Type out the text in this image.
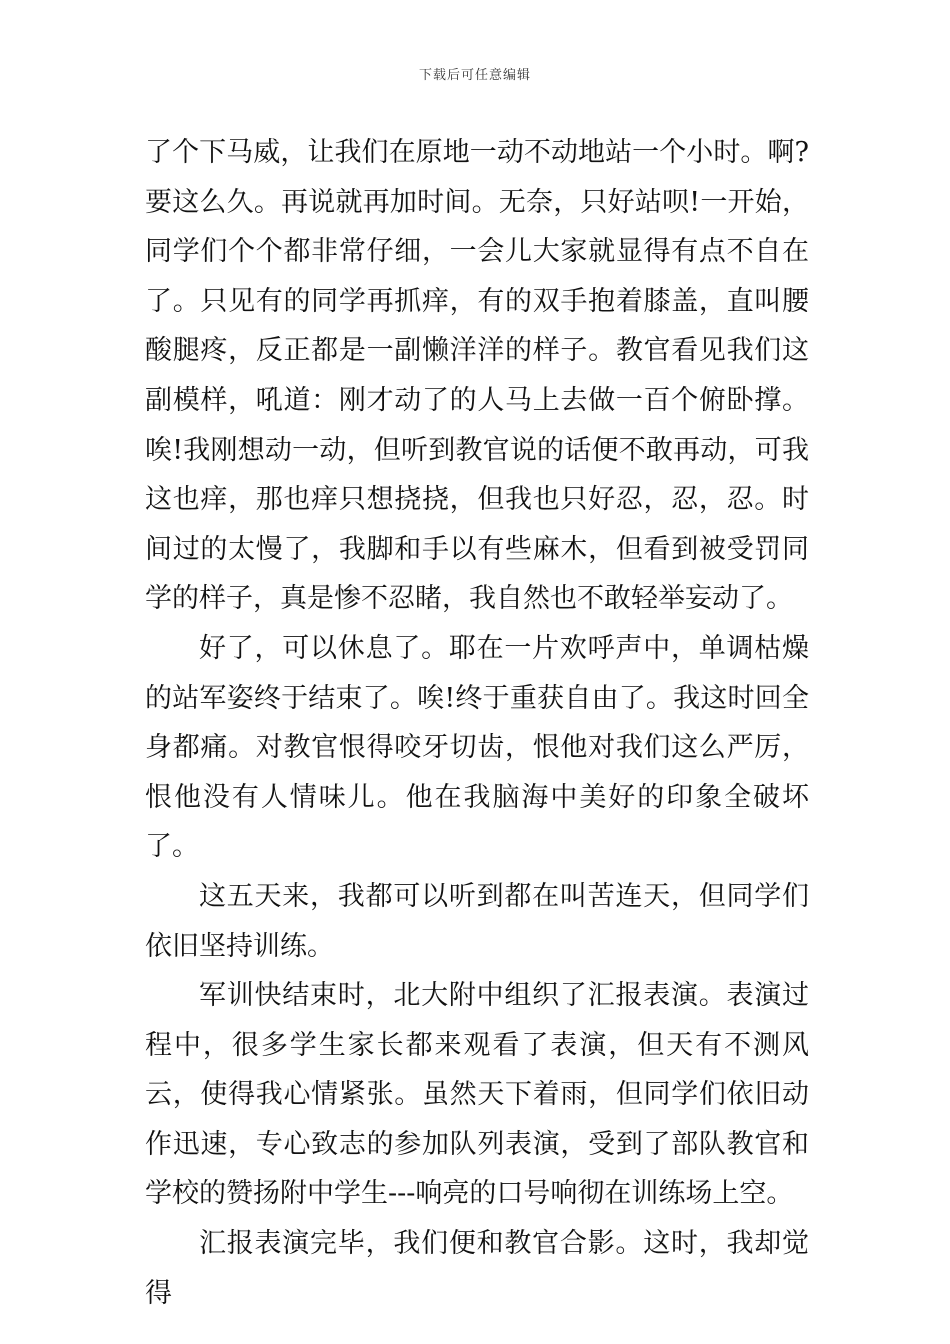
下载后可任意编辑

了个下马威，让我们在原地一动不动地站一个小时。啊?要这么久。再说就再加时间。无奈，只好站呗!一开始，同学们个个都非常仔细，一会儿大家就显得有点不自在了。只见有的同学再抓痒，有的双手抱着膝盖，直叫腰酸腿疼，反正都是一副懒洋洋的样子。教官看见我们这副模样，吼道：刚才动了的人马上去做一百个俯卧撑。唉!我刚想动一动，但听到教官说的话便不敢再动，可我这也痒，那也痒只想挠挠，但我也只好忍，忍，忍。时间过的太慢了，我脚和手以有些麻木，但看到被受罚同学的样子，真是惨不忍睹，我自然也不敢轻举妄动了。

好了，可以休息了。耶在一片欢呼声中，单调枯燥的站军姿终于结束了。唉!终于重获自由了。我这时回全身都痛。对教官恨得咬牙切齿，恨他对我们这么严厉，恨他没有人情味儿。他在我脑海中美好的印象全破坏了。

这五天来，我都可以听到都在叫苦连天，但同学们依旧坚持训练。

军训快结束时，北大附中组织了汇报表演。表演过程中，很多学生家长都来观看了表演，但天有不测风云，使得我心情紧张。虽然天下着雨，但同学们依旧动作迅速，专心致志的参加队列表演，受到了部队教官和学校的赞扬附中学生---响亮的口号响彻在训练场上空。

汇报表演完毕，我们便和教官合影。这时，我却觉得
